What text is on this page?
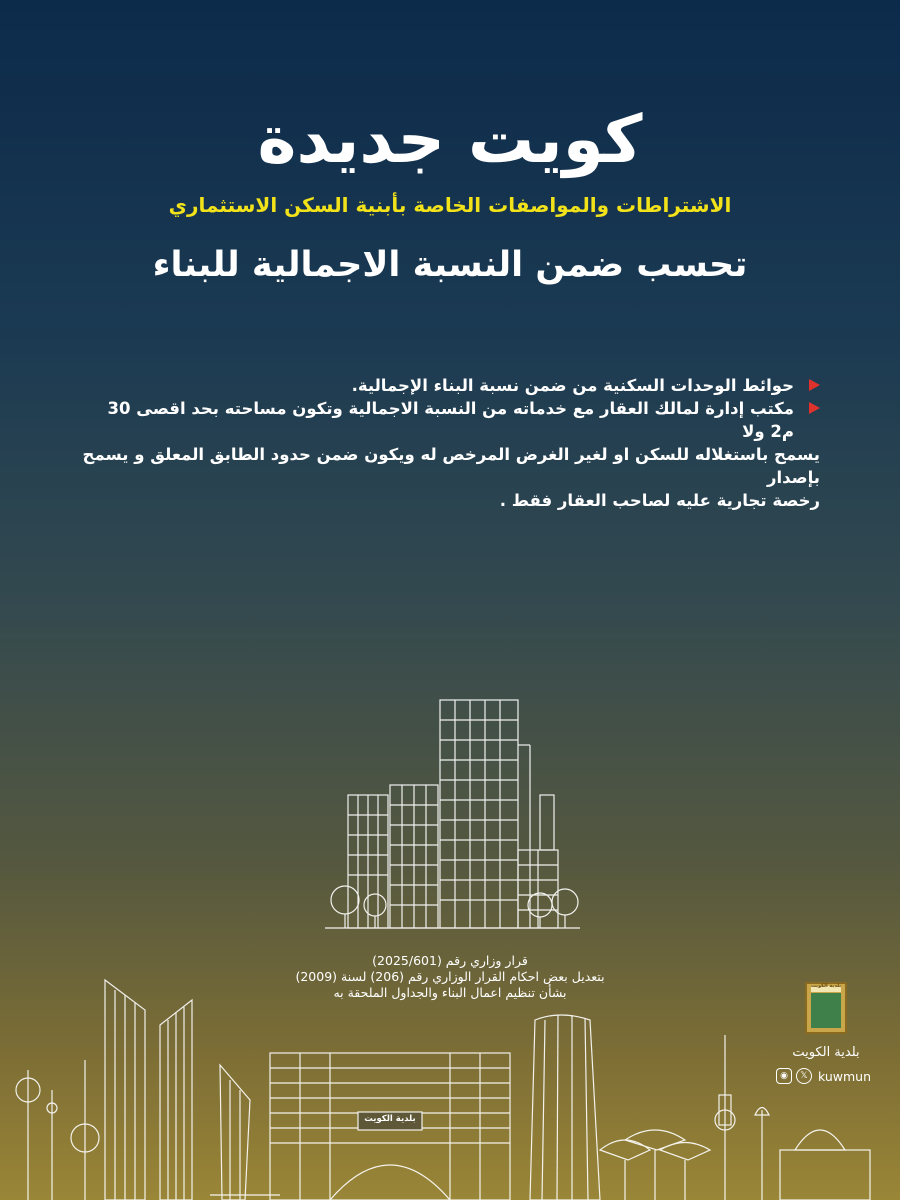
كويت جديدة
الاشتراطات والمواصفات الخاصة بأبنية السكن الاستثماري
تحسب ضمن النسبة الاجمالية للبناء
حوائط الوحدات السكنية من ضمن نسبة البناء الإجمالية.
مكتب إدارة لمالك العقار مع خدماته من النسبة الاجمالية وتكون مساحته بحد اقصى 30 م2 ولا
يسمح باستغلاله للسكن او لغير الغرض المرخص له ويكون ضمن حدود الطابق المعلق و يسمح بإصدار
رخصة تجارية عليه لصاحب العقار فقط .
بلدية الكويت
قرار وزاري رقم (2025/601)
بتعديل بعض احكام القرار الوزاري رقم (206) لسنة (2009)
بشأن تنظيم اعمال البناء والجداول الملحقة به	بلدية الكويت
بلدية الكويت
◉	𝕏 kuwmun
